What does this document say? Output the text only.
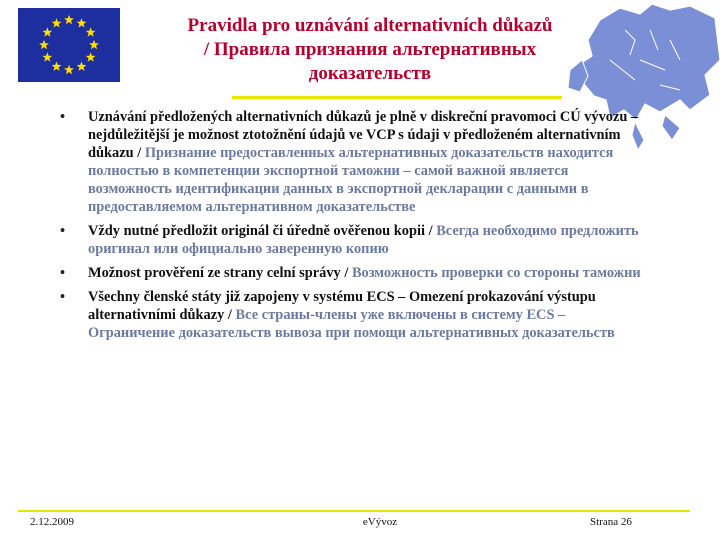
Pravidla pro uznávání alternativních důkazů
/ Правила признания альтернативных
доказательств
• Uznávání předložených alternativních důkazů je plně v diskreční pravomoci CÚ vývozu – nejdůležitější je možnost ztotožnění údajů ve VCP s údaji v předloženém alternativním důkazu / Признание предоставленных альтернативных доказательств находится полностью в компетенции экспортной таможни – самой важной является возможность идентификации данных в экспортной декларации с данными в предоставляемом альтернативном доказательстве
• Vždy nutné předložit originál či úředně ověřenou kopii / Всегда необходимо предложить оригинал или официально заверенную копию
• Možnost prověření ze strany celní správy / Возможность проверки со стороны таможни
• Všechny členské státy již zapojeny v systému ECS – Omezení prokazování výstupu alternativními důkazy / Все страны-члены уже включены в систему ECS – Ограничение доказательств вывоза при помощи альтернативных доказательств
2.12.2009	eVývoz	Strana 26
